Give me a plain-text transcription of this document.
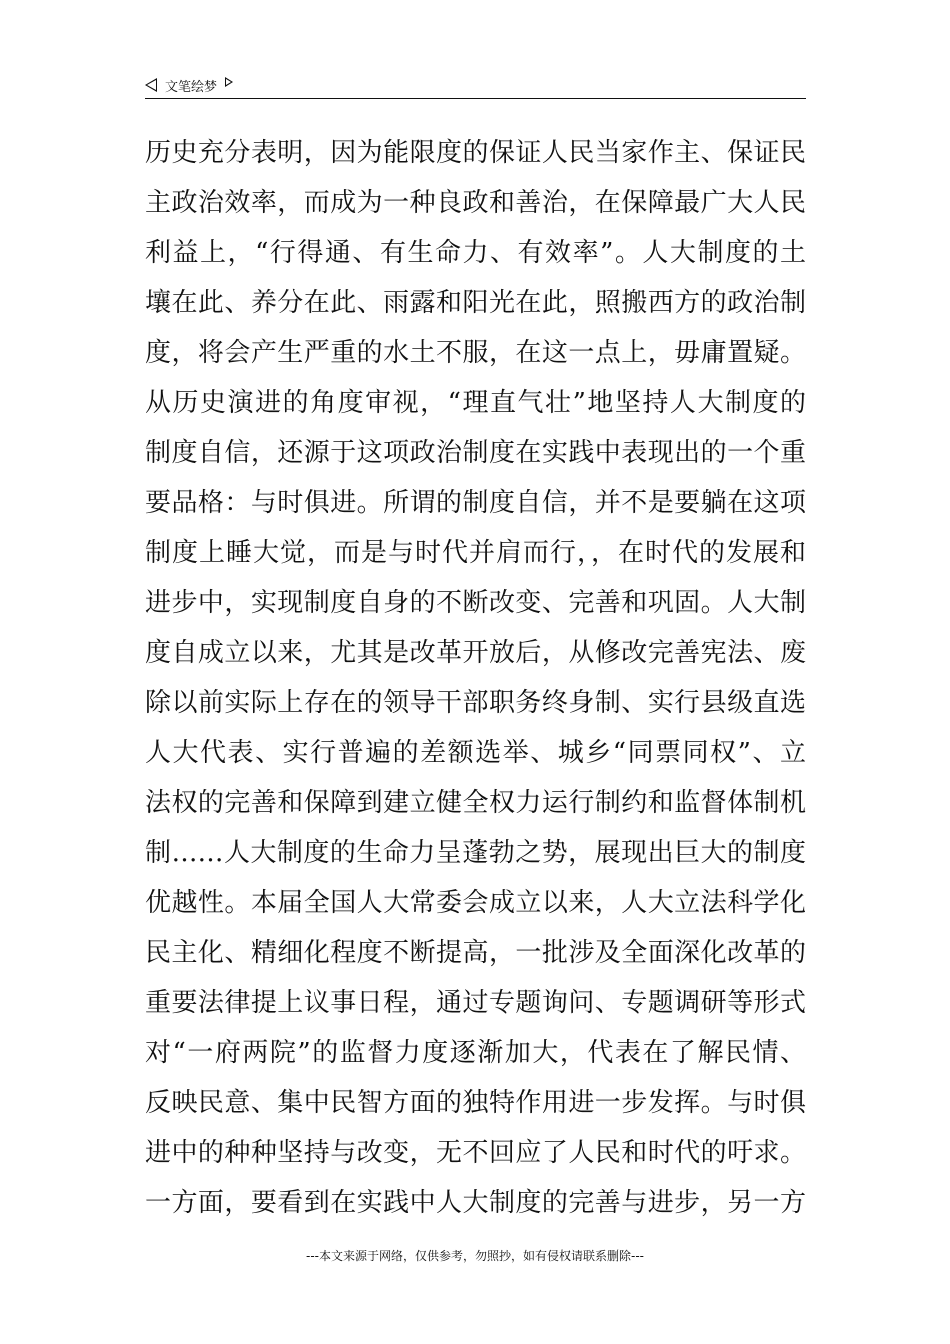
文笔绘梦
历史充分表明，因为能限度的保证人民当家作主、保证民
主政治效率，而成为一种良政和善治，在保障最广大人民
利益上，“行得通、有生命力、有效率”。人大制度的土
壤在此、养分在此、雨露和阳光在此，照搬西方的政治制
度，将会产生严重的水土不服，在这一点上，毋庸置疑。
从历史演进的角度审视，“理直气壮”地坚持人大制度的
制度自信，还源于这项政治制度在实践中表现出的一个重
要品格：与时俱进。所谓的制度自信，并不是要躺在这项
制度上睡大觉，而是与时代并肩而行，，在时代的发展和
进步中，实现制度自身的不断改变、完善和巩固。人大制
度自成立以来，尤其是改革开放后，从修改完善宪法、废
除以前实际上存在的领导干部职务终身制、实行县级直选
人大代表、实行普遍的差额选举、城乡“同票同权”、立
法权的完善和保障到建立健全权力运行制约和监督体制机
制……人大制度的生命力呈蓬勃之势，展现出巨大的制度
优越性。本届全国人大常委会成立以来，人大立法科学化
民主化、精细化程度不断提高，一批涉及全面深化改革的
重要法律提上议事日程，通过专题询问、专题调研等形式
对“一府两院”的监督力度逐渐加大，代表在了解民情、
反映民意、集中民智方面的独特作用进一步发挥。与时俱
进中的种种坚持与改变，无不回应了人民和时代的吁求。
一方面，要看到在实践中人大制度的完善与进步，另一方
---本文来源于网络，仅供参考，勿照抄，如有侵权请联系删除---
